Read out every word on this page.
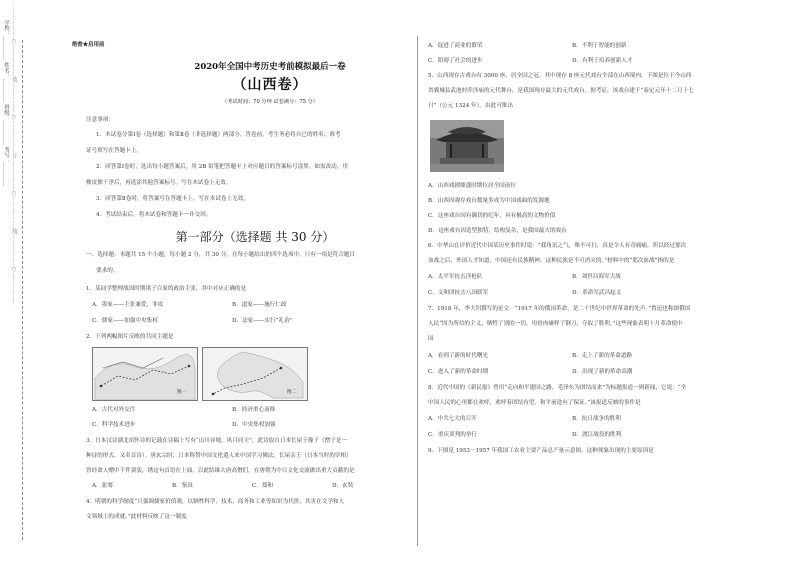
学校：_________ 姓名：_________ 班级：_________ 考号：_________ ………………○………………装………………○………………订………………○………………线………………○………………	绝密★启用前
2020年全国中考历史考前模拟最后一卷
（山西卷）
（考试时间：70 分钟 试卷满分：75 分）
注意事项：
1．本试卷分第Ⅰ卷（选择题）和第Ⅱ卷（非选择题）两部分。答卷前，考生务必将自己的姓名、准考
证号填写在答题卡上。
2．回答第Ⅰ卷时，选出每小题答案后，用 2B 铅笔把答题卡上对应题目的答案标号涂黑。如需改动，用
橡皮擦干净后，再选涂其他答案标号。写在本试卷上无效。
3．回答第Ⅱ卷时，将答案写在答题卡上。写在本试卷上无效。
4．考试结束后，将本试卷和答题卡一并交回。
第一部分（选择题 共 30 分）
一、选择题：本题共 15 个小题，每小题 2 分，共 30 分。在每小题给出的四个选项中，只有一项是符合题目
要求的。
1．某同学整理战国时期诸子百家的政治主张，其中对应正确的是
A．墨家——主张兼爱，非攻	B．道家——施行仁政
C．儒家——加强中央集权	D．法家——实行“礼治”
2．下列两幅图片反映的共同主题是
图一	图二
A．古代对外交往	B．经济重心南移
C．科学技术进步	D．中央集权加强
3．日本汉诗湖北宿怀诗的记载在诗稿上写有“山川异域，风月同天”，此诗取自日本长屋王像子（僧子是一
种诗的形式，又名首诗）。唐玄宗时，日本称赞中国文化遣人来中国学习佛法。长屋亲王（日本当时的宰相）
曾经命人赠中千件袈裟，绣这句首语在上面，以此结缘大唐高僧们。在唐朝为中日文化交流做出重大贡献的是
A．张骞	B．鉴真	C．郑和	D．玄奘
4．明朝的科学制度“只强调儒家价值观，以牺牲科学、技术、商务和工业等知识为代价，其害在文学和人
文领域上的成就。”此材料反映了这一制度
A．促进了商业的繁荣	B．不利于智能的创新
C．阻碍了社会的进步	D．有利于培养创新人才
5．山西现存古戏台有 3000 座，居全国之冠。其中现存 8 座元代戏台全部在山西境内。下图是位于今山西
省翼城县武池村乔泽庙的元代舞台，是我国现存最大的元代戏台。据考证，该戏台建于“泰定元年十二月十七
日”（公元 1324 年）。由此可推出
A．山西戏剧鼎盛时期位居全国前位
B．山西因观存戏台数量多成为中国戏曲的发源地
C．这座戏台因有确切的纪年，具有极高的文物价值
D．这座戏台因造型独特，结构复杂，是我国最大的戏台
6．中华山在评价近代中国某历史事件时说：“我角讯之气，殊不可扫，真是令人有奇痛痛，所以经过那次
血战之后，外国人才知道，中国还有民族精神，这种民族是不可消灭的。”材料中的“那次血战”指的是
A．太平军抗击洋枪队	B．刘世昌海军大战
C．义和团抗击八国联军	D．革命军武昌起义
7．1918 年，李大钊撰写的论文：“1917 年的俄国革命，是二十世纪中世界革命的先声。”鲁迅也称颂俄国
人民“因为所信的主义，牺牲了别的一切，用骨肉碰样了钢刀，夺取了胜利。”这些现象表明十月革命使中
国
A．看到了新的时代曙光	B．走上了新的革命道路
C．进入了新的革命时期	D．出现了新的革命高潮
8．近代中国的《新民报》曾用“走向和平建国之路，毛泽东为团结而来”为标题报道一则新闻，它说：“全
中国人民的心里都在欢呼，欢呼着团结有望，和平前途有了保证。”该报道反映的事件是
A．中共七大的召开	B．抗日战争的胜利
C．重庆谈判的举行	D．渡江战役的胜利
9．下图是 1953－1957 年我国工农业主要产品总产量示意图。这种现象出现的主要原因是
